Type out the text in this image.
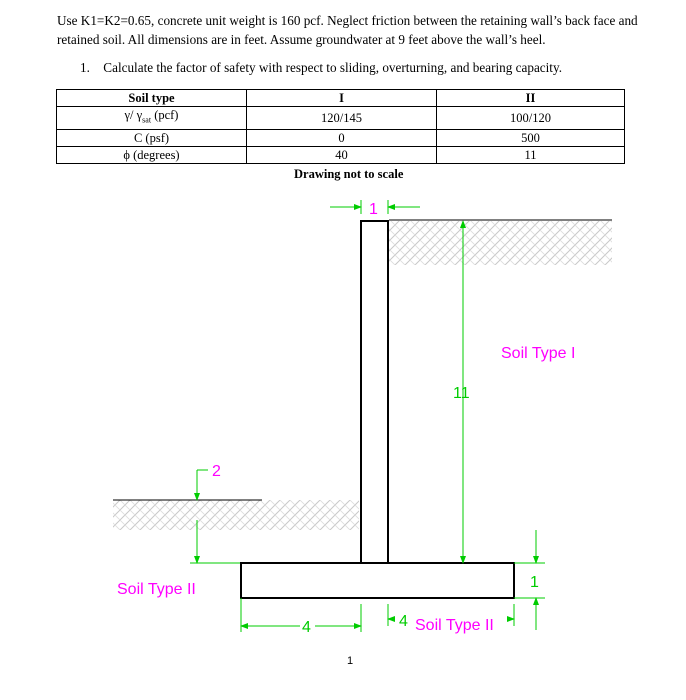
Use K1=K2=0.65, concrete unit weight is 160 pcf. Neglect friction between the retaining wall’s back face and retained soil. All dimensions are in feet. Assume groundwater at 9 feet above the wall’s heel.
1. Calculate the factor of safety with respect to sliding, overturning, and bearing capacity.
Soil type	I	II
γ/ $\gamma_{sat}$ (pcf)	120/145	100/120
C (psf)	0	500
ϕ (degrees)	40	11
Drawing not to scale
1
11
2
1
4	4
Soil Type I
Soil Type II
Soil Type II
1
